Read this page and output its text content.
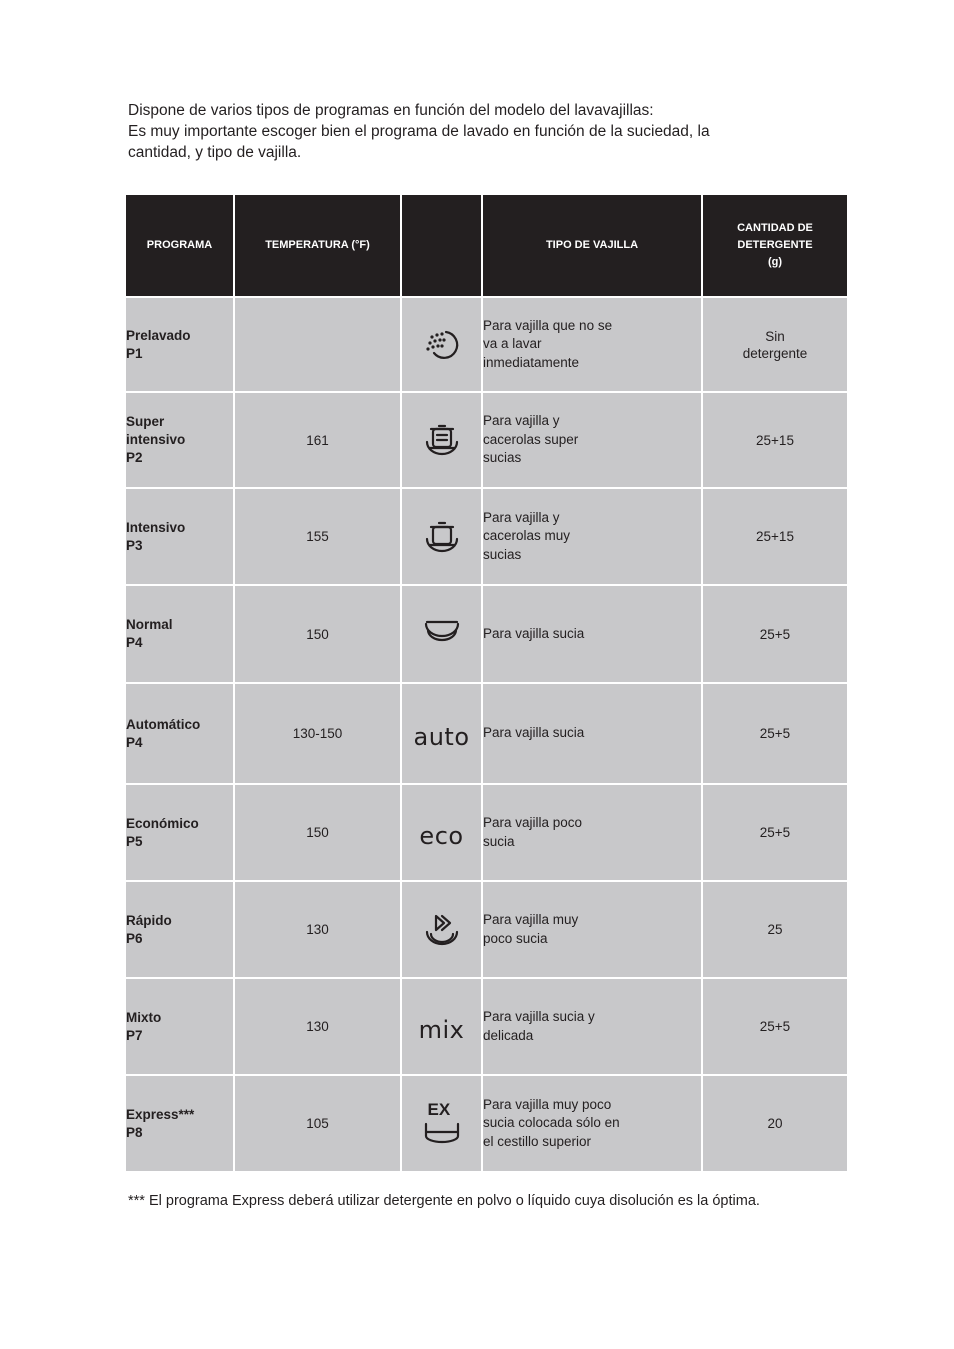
Dispone de varios tipos de programas en función del modelo del lavavajillas:
Es muy importante escoger bien el programa de lavado en función de la suciedad, la
cantidad, y tipo de vajilla.
PROGRAMA	TEMPERATURA (°F)		TIPO DE VAJILLA	CANTIDAD DE
DETERGENTE
(g)

Prelavado
P1			Para vajilla que no se
va a lavar
inmediatamente	Sin
detergente

Super
intensivo
P2	161		Para vajilla y
cacerolas super
sucias	25+15

Intensivo
P3	155		Para vajilla y
cacerolas muy
sucias	25+15

Normal
P4	150		Para vajilla sucia	25+5

Automático
P4	130-150	auto	Para vajilla sucia	25+5

Económico
P5	150	eco	Para vajilla poco
sucia	25+5

Rápido
P6	130		Para vajilla muy
poco sucia	25

Mixto
P7	130	mix	Para vajilla sucia y
delicada	25+5

Express***
P8	105	EX	Para vajilla muy poco
sucia colocada sólo en
el cestillo superior	20
*** El programa Express deberá utilizar detergente en polvo o líquido cuya disolución es la óptima.
